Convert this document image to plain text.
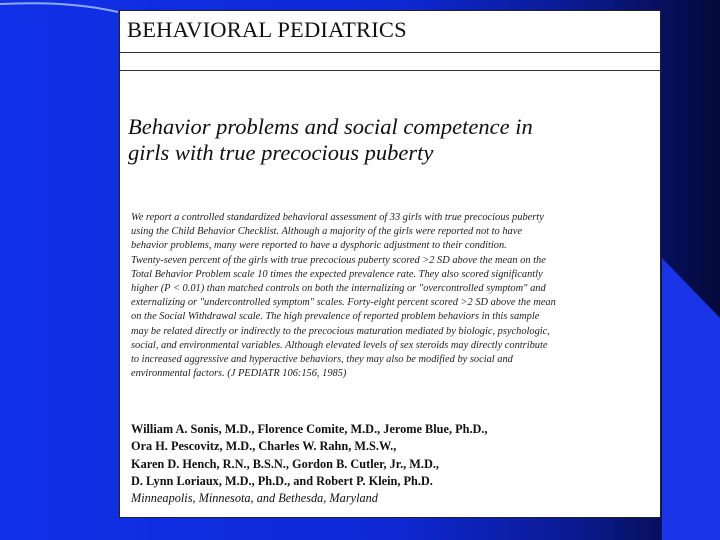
BEHAVIORAL PEDIATRICS
Behavior problems and social competence in
girls with true precocious puberty
We report a controlled standardized behavioral assessment of 33 girls with true precocious puberty
using the Child Behavior Checklist. Although a majority of the girls were reported not to have
behavior problems, many were reported to have a dysphoric adjustment to their condition.
Twenty-seven percent of the girls with true precocious puberty scored >2 SD above the mean on the
Total Behavior Problem scale 10 times the expected prevalence rate. They also scored significantly
higher (P < 0.01) than matched controls on both the internalizing or "overcontrolled symptom" and
externalizing or "undercontrolled symptom" scales. Forty-eight percent scored >2 SD above the mean
on the Social Withdrawal scale. The high prevalence of reported problem behaviors in this sample
may be related directly or indirectly to the precocious maturation mediated by biologic, psychologic,
social, and environmental variables. Although elevated levels of sex steroids may directly contribute
to increased aggressive and hyperactive behaviors, they may also be modified by social and
environmental factors. (J PEDIATR 106:156, 1985)
William A. Sonis, M.D., Florence Comite, M.D., Jerome Blue, Ph.D.,
Ora H. Pescovitz, M.D., Charles W. Rahn, M.S.W.,
Karen D. Hench, R.N., B.S.N., Gordon B. Cutler, Jr., M.D.,
D. Lynn Loriaux, M.D., Ph.D., and Robert P. Klein, Ph.D.
Minneapolis, Minnesota, and Bethesda, Maryland
